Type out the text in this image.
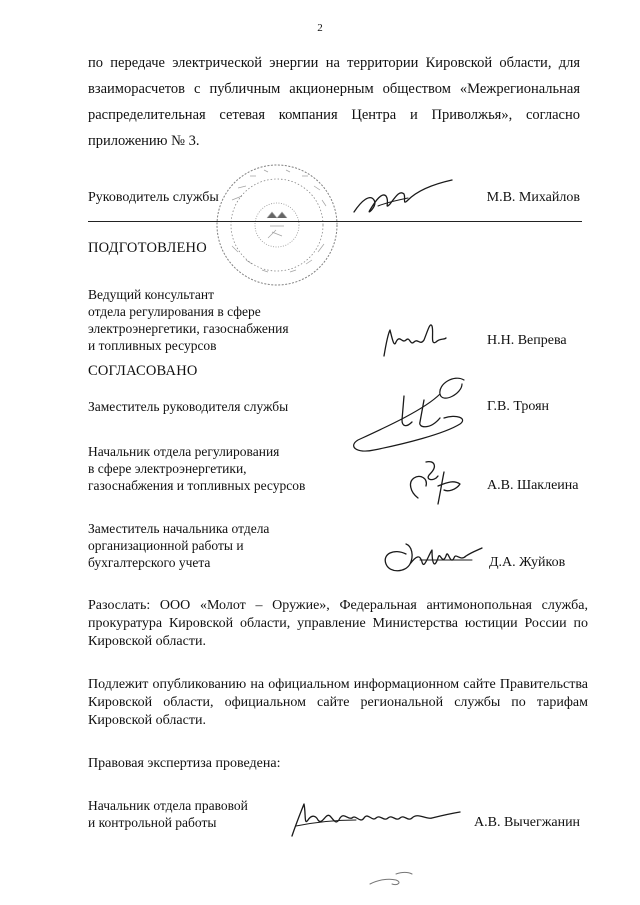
2
по передаче электрической энергии на территории Кировской области, для взаиморасчетов с публичным акционерным обществом «Межрегиональная распределительная сетевая компания Центра и Приволжья», согласно приложению № 3.
Руководитель службы	М.В. Михайлов
ПОДГОТОВЛЕНО
Ведущий консультант
отдела регулирования в сфере
электроэнергетики, газоснабжения
и топливных ресурсов	Н.Н. Вепрева
СОГЛАСОВАНО
Заместитель руководителя службы	Г.В. Троян
Начальник отдела регулирования
в сфере электроэнергетики,
газоснабжения и топливных ресурсов	А.В. Шаклеина
Заместитель начальника отдела
организационной работы и
бухгалтерского учета	Д.А. Жуйков
Разослать: ООО «Молот – Оружие», Федеральная антимонопольная служба, прокуратура Кировской области, управление Министерства юстиции России по Кировской области.
Подлежит опубликованию на официальном информационном сайте Правительства Кировской области, официальном сайте региональной службы по тарифам Кировской области.
Правовая экспертиза проведена:
Начальник отдела правовой
и контрольной работы	А.В. Вычегжанин
